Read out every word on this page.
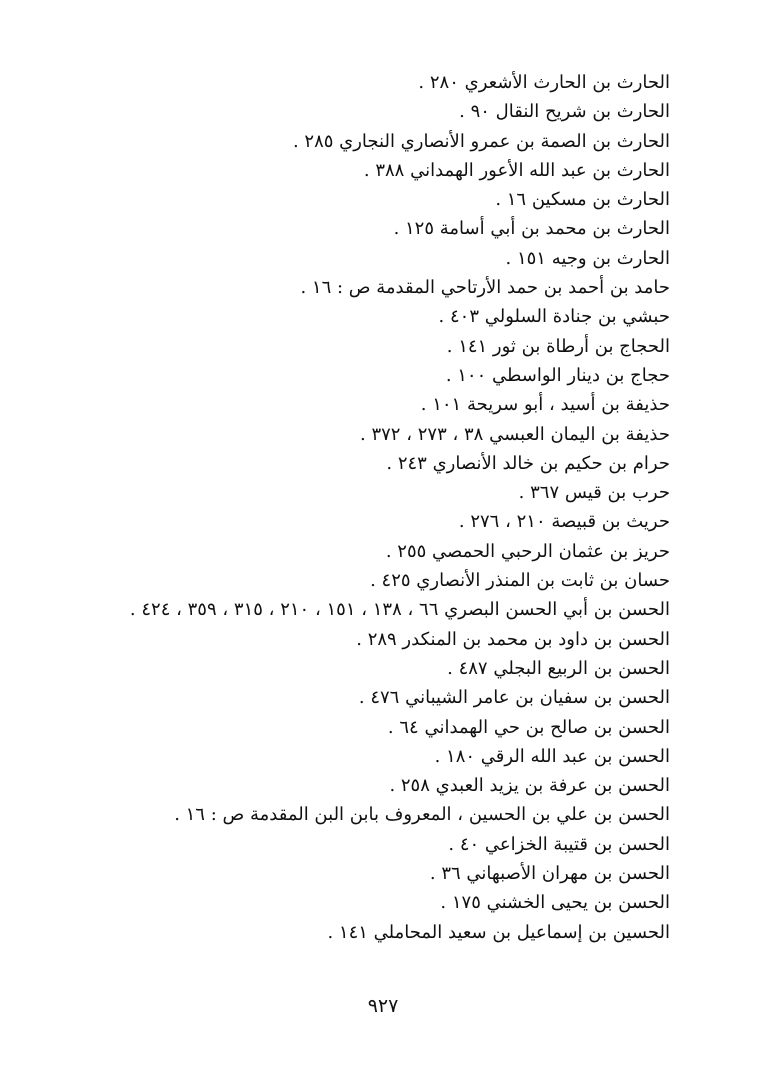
الحارث بن الحارث الأشعري ٢٨٠ .
الحارث بن شريح النقال ٩٠ .
الحارث بن الصمة بن عمرو الأنصاري النجاري ٢٨٥ .
الحارث بن عبد الله الأعور الهمداني ٣٨٨ .
الحارث بن مسكين ١٦ .
الحارث بن محمد بن أبي أسامة ١٢٥ .
الحارث بن وجيه ١٥١ .
حامد بن أحمد بن حمد الأرتاحي المقدمة ص : ١٦ .
حبشي بن جنادة السلولي ٤٠٣ .
الحجاج بن أرطاة بن ثور ١٤١ .
حجاج بن دينار الواسطي ١٠٠ .
حذيفة بن أسيد ، أبو سريحة ١٠١ .
حذيفة بن اليمان العبسي ٣٨ ، ٢٧٣ ، ٣٧٢ .
حرام بن حكيم بن خالد الأنصاري ٢٤٣ .
حرب بن قيس ٣٦٧ .
حريث بن قبيصة ٢١٠ ، ٢٧٦ .
حريز بن عثمان الرحبي الحمصي ٢٥٥ .
حسان بن ثابت بن المنذر الأنصاري ٤٢٥ .
الحسن بن أبي الحسن البصري ٦٦ ، ١٣٨ ، ١٥١ ، ٢١٠ ، ٣١٥ ، ٣٥٩ ، ٤٢٤ .
الحسن بن داود بن محمد بن المنكدر ٢٨٩ .
الحسن بن الربيع البجلي ٤٨٧ .
الحسن بن سفيان بن عامر الشيباني ٤٧٦ .
الحسن بن صالح بن حي الهمداني ٦٤ .
الحسن بن عبد الله الرقي ١٨٠ .
الحسن بن عرفة بن يزيد العبدي ٢٥٨ .
الحسن بن علي بن الحسين ، المعروف بابن البن المقدمة ص : ١٦ .
الحسن بن قتيبة الخزاعي ٤٠ .
الحسن بن مهران الأصبهاني ٣٦ .
الحسن بن يحيى الخشني ١٧٥ .
الحسين بن إسماعيل بن سعيد المحاملي ١٤١ .
٩٢٧
